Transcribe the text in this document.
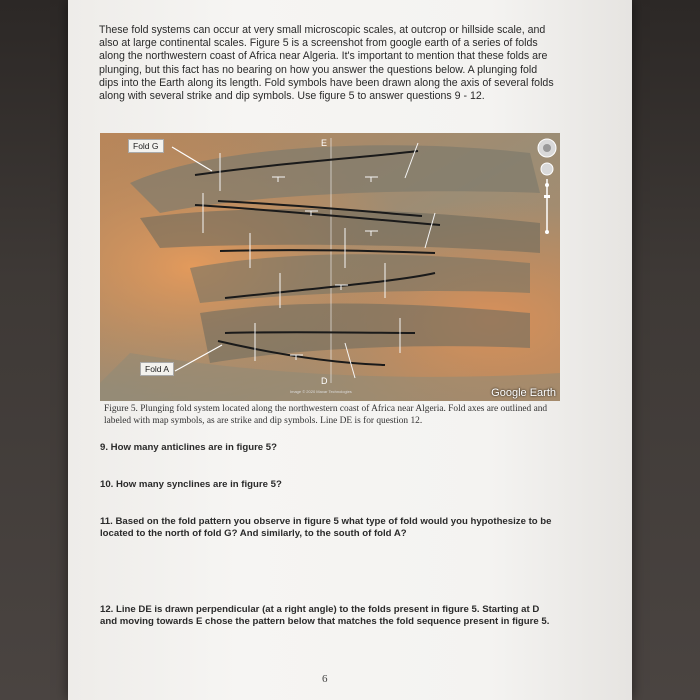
These fold systems can occur at very small microscopic scales, at outcrop or hillside scale, and also at large continental scales. Figure 5 is a screenshot from google earth of a series of folds along the northwestern coast of Africa near Algeria. It's important to mention that these folds are plunging, but this fact has no bearing on how you answer the questions below. A plunging fold dips into the Earth along its length. Fold symbols have been drawn along the axis of several folds along with several strike and dip symbols. Use figure 5 to answer questions 9 - 12.

Fold G
Fold A
E
D
Image © 2020 Maxar Technologies	Google Earth

Figure 5. Plunging fold system located along the northwestern coast of Africa near Algeria. Fold axes are outlined and labeled with map symbols, as are strike and dip symbols. Line DE is for question 12.

9. How many anticlines are in figure 5?

10. How many synclines are in figure 5?

11. Based on the fold pattern you observe in figure 5 what type of fold would you hypothesize to be located to the north of fold G? And similarly, to the south of fold A?

12. Line DE is drawn perpendicular (at a right angle) to the folds present in figure 5. Starting at D and moving towards E chose the pattern below that matches the fold sequence present in figure 5.

6
